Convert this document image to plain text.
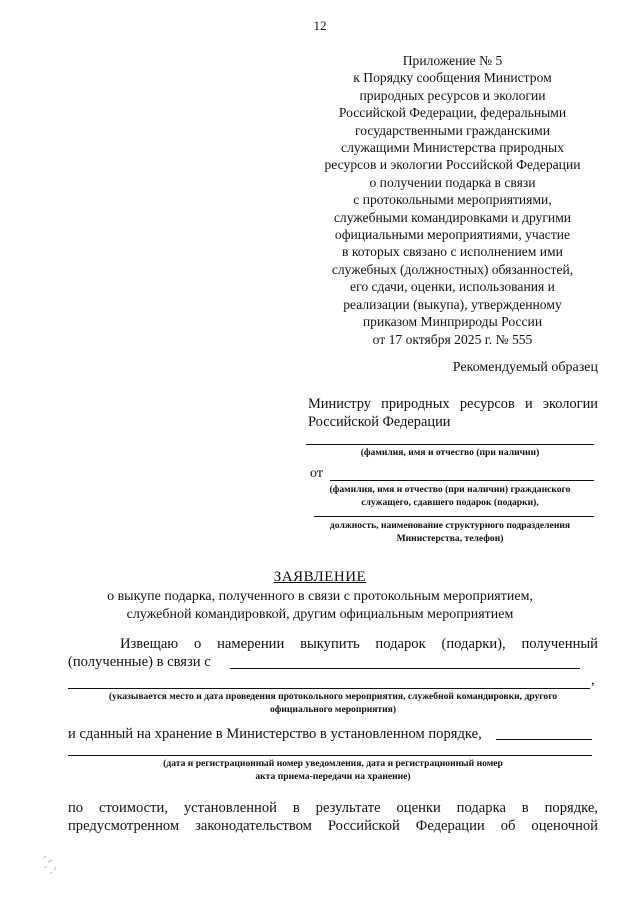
12
Приложение № 5
к Порядку сообщения Министром
природных ресурсов и экологии
Российской Федерации, федеральными
государственными гражданскими
служащими Министерства природных
ресурсов и экологии Российской Федерации
о получении подарка в связи
с протокольными мероприятиями,
служебными командировками и другими
официальными мероприятиями, участие
в которых связано с исполнением ими
служебных (должностных) обязанностей,
его сдачи, оценки, использования и
реализации (выкупа), утвержденному
приказом Минприроды России
от 17 октября 2025 г. № 555
Рекомендуемый образец
Министру природных ресурсов и экологии
Российской Федерации
(фамилия, имя и отчество (при наличии)
от
(фамилия, имя и отчество (при наличии) гражданского
служащего, сдавшего подарок (подарки),
должность, наименование структурного подразделения
Министерства, телефон)
ЗАЯВЛЕНИЕ
о выкупе подарка, полученного в связи с протокольным мероприятием,
служебной командировкой, другим официальным мероприятием
Извещаю о намерении выкупить подарок (подарки), полученный
(полученные) в связи с
,
(указывается место и дата проведения протокольного мероприятия, служебной командировки, другого
официального мероприятия)
и сданный на хранение в Министерство в установленном порядке,
(дата и регистрационный номер уведомления, дата и регистрационный номер
акта приема-передачи на хранение)
по стоимости, установленной в результате оценки подарка в порядке,
предусмотренном законодательством Российской Федерации об оценочной
